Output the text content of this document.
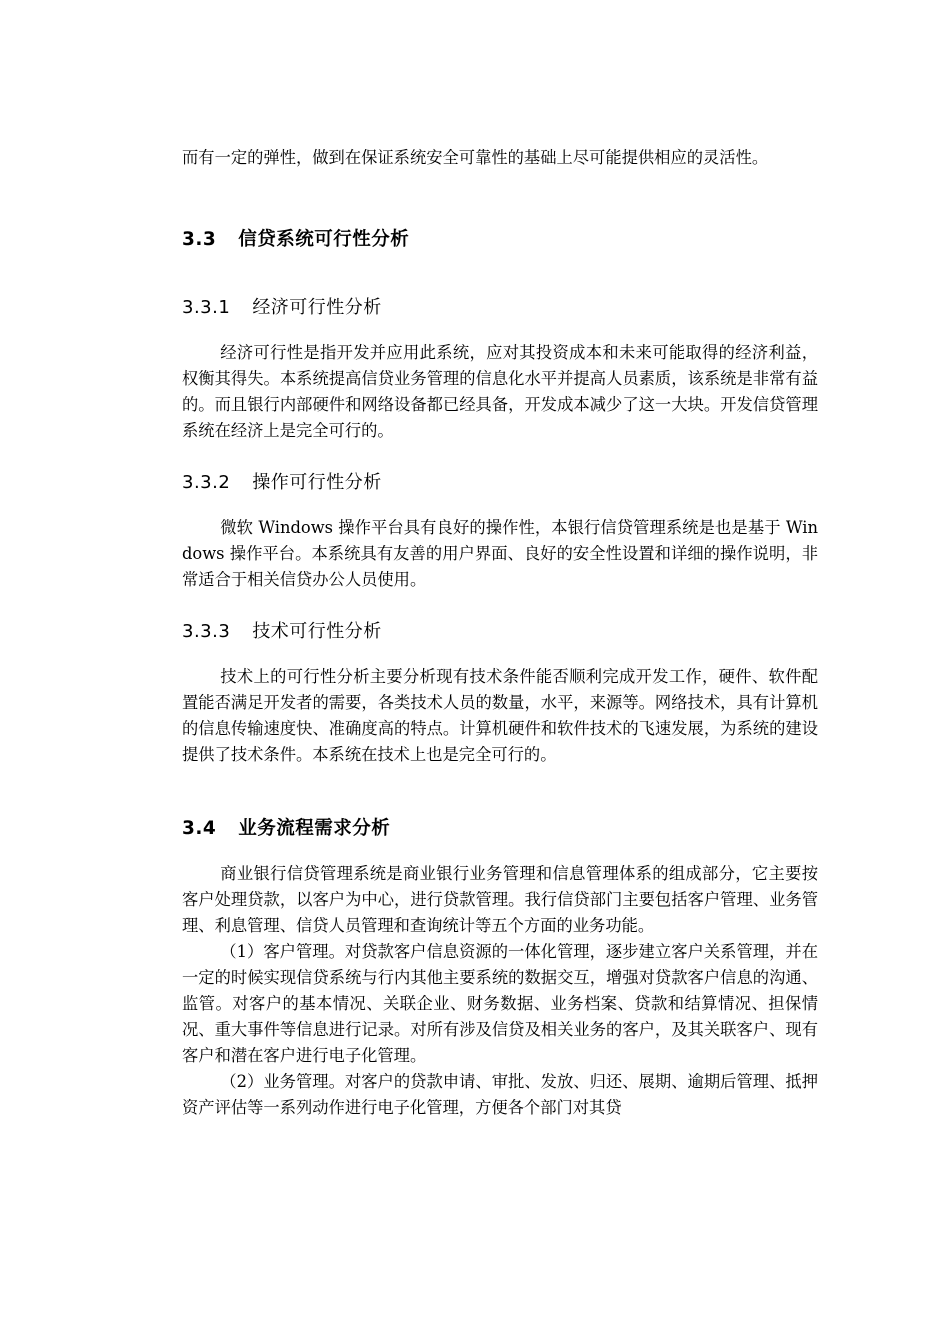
而有一定的弹性，做到在保证系统安全可靠性的基础上尽可能提供相应的灵活性。

3.3 信贷系统可行性分析
3.3.1 经济可行性分析

经济可行性是指开发并应用此系统，应对其投资成本和未来可能取得的经济利益，权衡其得失。本系统提高信贷业务管理的信息化水平并提高人员素质，该系统是非常有益的。而且银行内部硬件和网络设备都已经具备，开发成本减少了这一大块。开发信贷管理系统在经济上是完全可行的。

3.3.2 操作可行性分析

微软 Windows 操作平台具有良好的操作性，本银行信贷管理系统是也是基于 Windows 操作平台。本系统具有友善的用户界面、良好的安全性设置和详细的操作说明，非常适合于相关信贷办公人员使用。

3.3.3 技术可行性分析

技术上的可行性分析主要分析现有技术条件能否顺利完成开发工作，硬件、软件配置能否满足开发者的需要，各类技术人员的数量，水平，来源等。网络技术，具有计算机的信息传输速度快、准确度高的特点。计算机硬件和软件技术的飞速发展，为系统的建设提供了技术条件。本系统在技术上也是完全可行的。

3.4 业务流程需求分析

商业银行信贷管理系统是商业银行业务管理和信息管理体系的组成部分，它主要按客户处理贷款，以客户为中心，进行贷款管理。我行信贷部门主要包括客户管理、业务管理、利息管理、信贷人员管理和查询统计等五个方面的业务功能。

（1）客户管理。对贷款客户信息资源的一体化管理，逐步建立客户关系管理，并在一定的时候实现信贷系统与行内其他主要系统的数据交互，增强对贷款客户信息的沟通、监管。对客户的基本情况、关联企业、财务数据、业务档案、贷款和结算情况、担保情况、重大事件等信息进行记录。对所有涉及信贷及相关业务的客户，及其关联客户、现有客户和潜在客户进行电子化管理。

（2）业务管理。对客户的贷款申请、审批、发放、归还、展期、逾期后管理、抵押资产评估等一系列动作进行电子化管理，方便各个部门对其贷
